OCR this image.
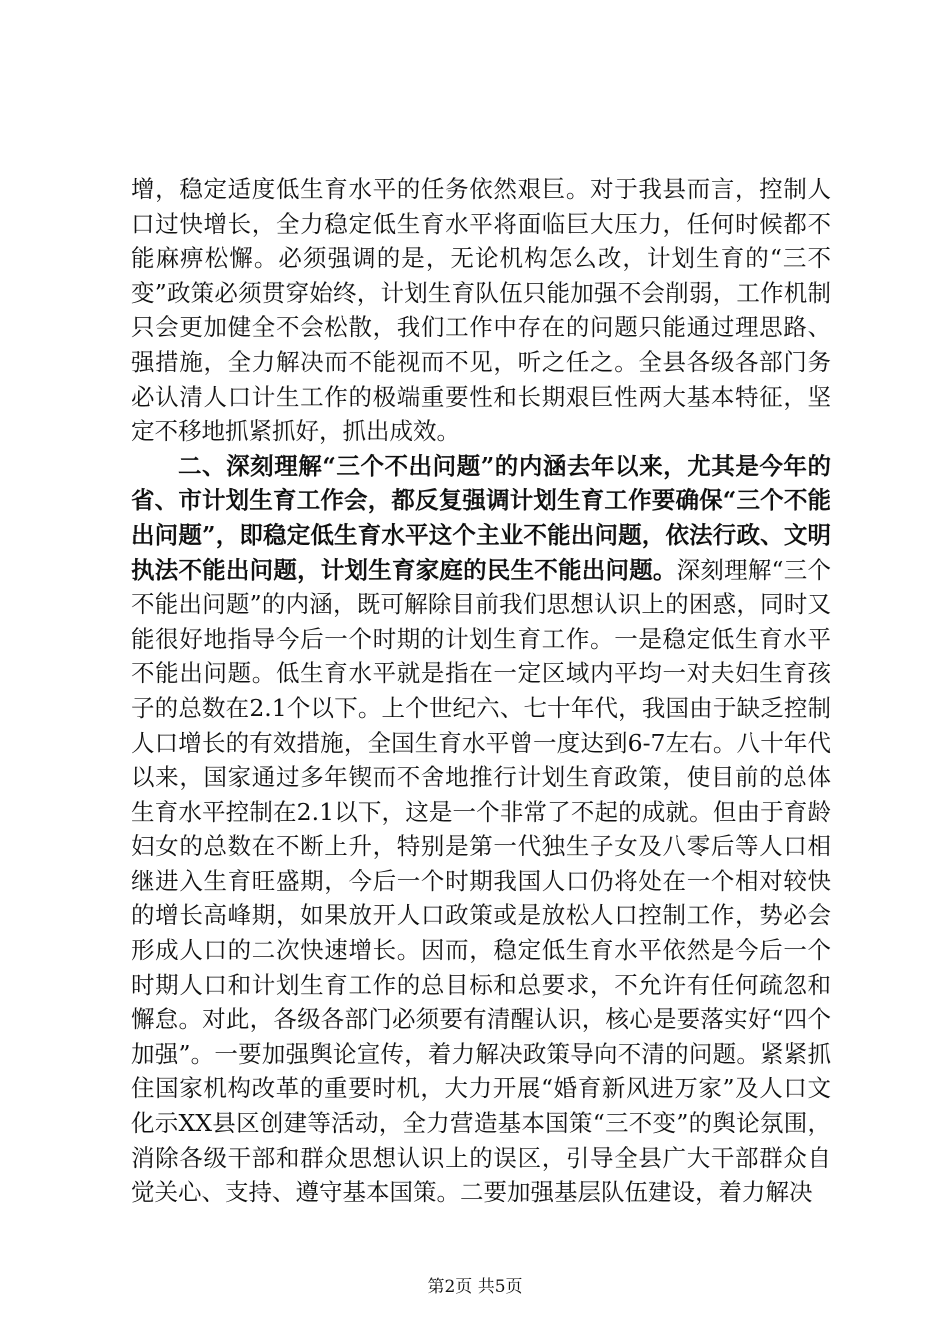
增，稳定适度低生育水平的任务依然艰巨。对于我县而言，控制人口过快增长，全力稳定低生育水平将面临巨大压力，任何时候都不能麻痹松懈。必须强调的是，无论机构怎么改，计划生育的“三不变”政策必须贯穿始终，计划生育队伍只能加强不会削弱，工作机制只会更加健全不会松散，我们工作中存在的问题只能通过理思路、强措施，全力解决而不能视而不见，听之任之。全县各级各部门务必认清人口计生工作的极端重要性和长期艰巨性两大基本特征，坚定不移地抓紧抓好，抓出成效。

二、深刻理解“三个不出问题”的内涵去年以来，尤其是今年的省、市计划生育工作会，都反复强调计划生育工作要确保“三个不能出问题”，即稳定低生育水平这个主业不能出问题，依法行政、文明执法不能出问题，计划生育家庭的民生不能出问题。深刻理解“三个不能出问题”的内涵，既可解除目前我们思想认识上的困惑，同时又能很好地指导今后一个时期的计划生育工作。一是稳定低生育水平不能出问题。低生育水平就是指在一定区域内平均一对夫妇生育孩子的总数在2.1个以下。上个世纪六、七十年代，我国由于缺乏控制人口增长的有效措施，全国生育水平曾一度达到6-7左右。八十年代以来，国家通过多年锲而不舍地推行计划生育政策，使目前的总体生育水平控制在2.1以下，这是一个非常了不起的成就。但由于育龄妇女的总数在不断上升，特别是第一代独生子女及八零后等人口相继进入生育旺盛期，今后一个时期我国人口仍将处在一个相对较快的增长高峰期，如果放开人口政策或是放松人口控制工作，势必会形成人口的二次快速增长。因而，稳定低生育水平依然是今后一个时期人口和计划生育工作的总目标和总要求，不允许有任何疏忽和懈怠。对此，各级各部门必须要有清醒认识，核心是要落实好“四个加强”。一要加强舆论宣传，着力解决政策导向不清的问题。紧紧抓住国家机构改革的重要时机，大力开展“婚育新风进万家”及人口文化示XX县区创建等活动，全力营造基本国策“三不变”的舆论氛围，消除各级干部和群众思想认识上的误区，引导全县广大干部群众自觉关心、支持、遵守基本国策。二要加强基层队伍建设，着力解决

第2页 共5页
